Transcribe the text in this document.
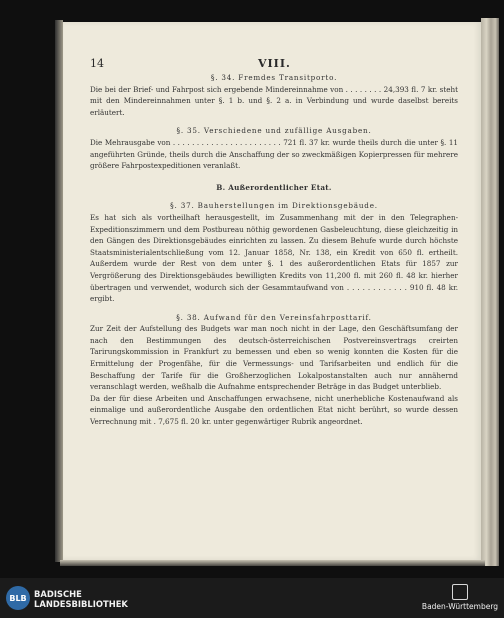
14	VIII.

§. 34. Fremdes Transitporto.

Die bei der Brief- und Fahrpost sich ergebende Mindereinnahme von . . . . . . . . 24,393 fl. 7 kr. steht mit den Mindereinnahmen unter §. 1 b. und §. 2 a. in Verbindung und wurde daselbst bereits erläutert.

§. 35. Verschiedene und zufällige Ausgaben.

Die Mehrausgabe von . . . . . . . . . . . . . . . . . . . . . . . 721 fl. 37 kr. wurde theils durch die unter §. 11 angeführten Gründe, theils durch die Anschaffung der so zweckmäßigen Kopierpressen für mehrere größere Fahrpostexpeditionen veranlaßt.

B. Außerordentlicher Etat.

§. 37. Bauherstellungen im Direktionsgebäude.

Es hat sich als vortheilhaft herausgestellt, im Zusammenhang mit der in den Telegraphen-Expeditionszimmern und dem Postbureau nöthig gewordenen Gasbeleuchtung, diese gleichzeitig in den Gängen des Direktionsgebäudes einrichten zu lassen. Zu diesem Behufe wurde durch höchste Staatsministerialentschließung vom 12. Januar 1858, Nr. 138, ein Kredit von 650 fl. ertheilt. Außerdem wurde der Rest von dem unter §. 1 des außerordentlichen Etats für 1857 zur Vergrößerung des Direktionsgebäudes bewilligten Kredits von 11,200 fl. mit 260 fl. 48 kr. hierher übertragen und verwendet, wodurch sich der Gesammtaufwand von . . . . . . . . . . . . 910 fl. 48 kr. ergibt.

§. 38. Aufwand für den Vereinsfahrposttarif.

Zur Zeit der Aufstellung des Budgets war man noch nicht in der Lage, den Geschäftsumfang der nach den Bestimmungen des deutsch-österreichischen Postvereinsvertrags creirten Tarirungskommission in Frankfurt zu bemessen und eben so wenig konnten die Kosten für die Ermittelung der Progenfähe, für die Vermessungs- und Tarifsarbeiten und endlich für die Beschaffung der Tarife für die Großherzoglichen Lokalpostanstalten auch nur annähernd veranschlagt werden, weßhalb die Aufnahme entsprechender Beträge in das Budget unterblieb.

Da der für diese Arbeiten und Anschaffungen erwachsene, nicht unerhebliche Kostenaufwand als einmalige und außerordentliche Ausgabe den ordentlichen Etat nicht berührt, so wurde dessen Verrechnung mit . 7,675 fl. 20 kr. unter gegenwärtiger Rubrik angeordnet.

BLB BADISCHE
LANDESBIBLIOTHEK	Baden-Württemberg
